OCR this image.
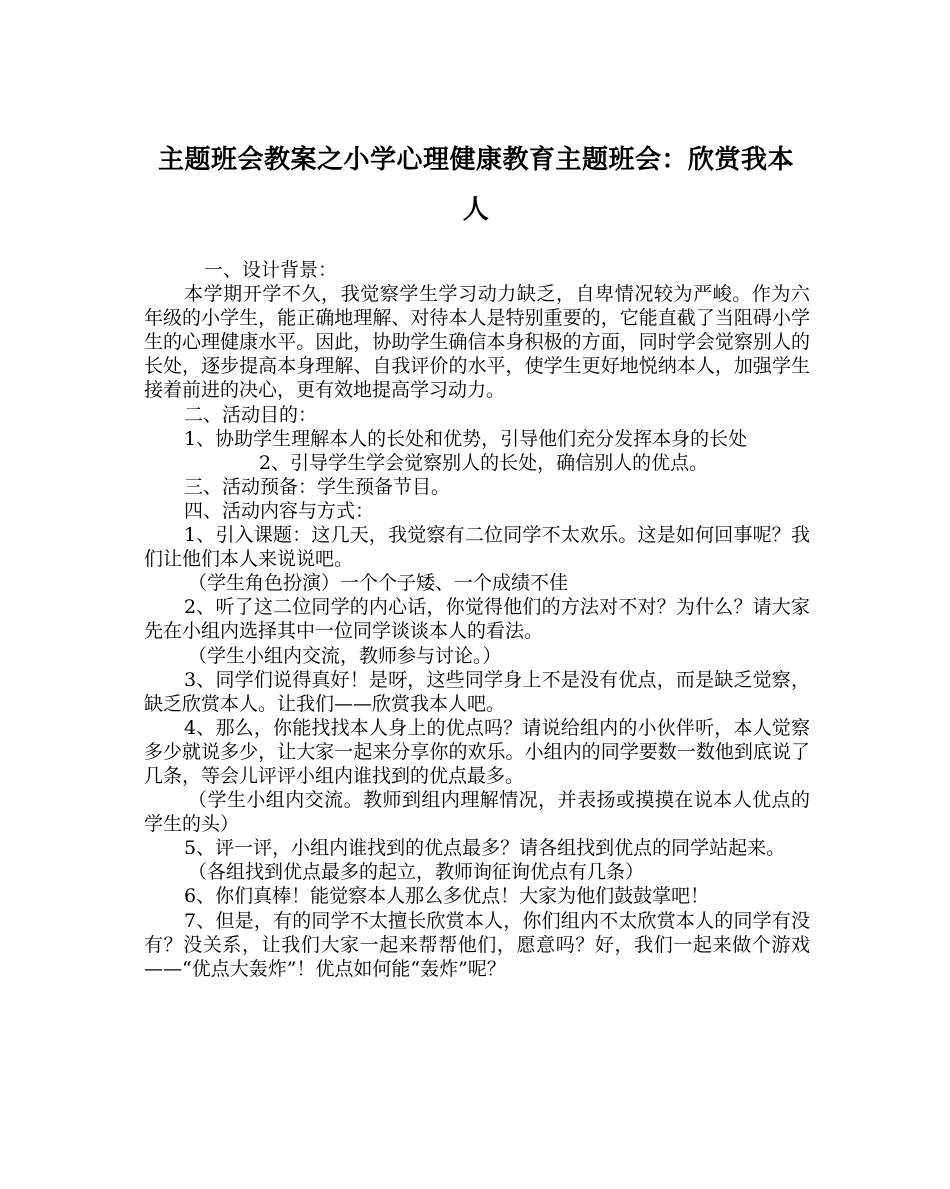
主题班会教案之小学心理健康教育主题班会：欣赏我本
人

一、设计背景：

本学期开学不久，我觉察学生学习动力缺乏，自卑情况较为严峻。作为六年级的小学生，能正确地理解、对待本人是特别重要的，它能直截了当阻碍小学生的心理健康水平。因此，协助学生确信本身积极的方面，同时学会觉察别人的长处，逐步提高本身理解、自我评价的水平，使学生更好地悦纳本人，加强学生接着前进的决心，更有效地提高学习动力。

二、活动目的：

1、协助学生理解本人的长处和优势，引导他们充分发挥本身的长处

2、引导学生学会觉察别人的长处，确信别人的优点。

三、活动预备：学生预备节目。

四、活动内容与方式：

1、引入课题：这几天，我觉察有二位同学不太欢乐。这是如何回事呢？我们让他们本人来说说吧。

（学生角色扮演）一个个子矮、一个成绩不佳

2、听了这二位同学的内心话，你觉得他们的方法对不对？为什么？请大家先在小组内选择其中一位同学谈谈本人的看法。

（学生小组内交流，教师参与讨论。）

3、同学们说得真好！是呀，这些同学身上不是没有优点，而是缺乏觉察，缺乏欣赏本人。让我们——欣赏我本人吧。

4、那么，你能找找本人身上的优点吗？请说给组内的小伙伴听，本人觉察多少就说多少，让大家一起来分享你的欢乐。小组内的同学要数一数他到底说了几条，等会儿评评小组内谁找到的优点最多。

（学生小组内交流。教师到组内理解情况，并表扬或摸摸在说本人优点的学生的头）

5、评一评，小组内谁找到的优点最多？请各组找到优点的同学站起来。

（各组找到优点最多的起立，教师询征询优点有几条）

6、你们真棒！能觉察本人那么多优点！大家为他们鼓鼓掌吧！

7、但是，有的同学不太擅长欣赏本人，你们组内不太欣赏本人的同学有没有？没关系，让我们大家一起来帮帮他们，愿意吗？好，我们一起来做个游戏——“优点大轰炸”！优点如何能“轰炸”呢？
